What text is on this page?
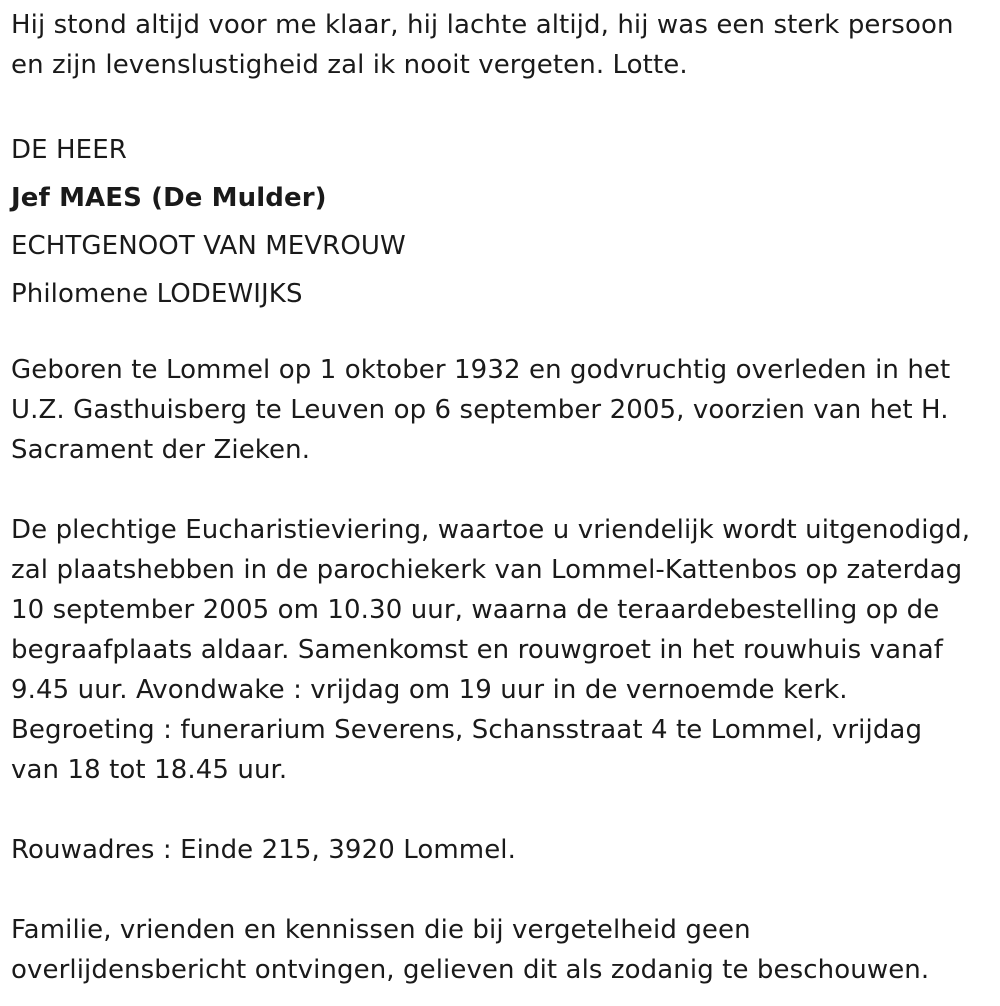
Hij stond altijd voor me klaar, hij lachte altijd, hij was een sterk persoon
en zijn levenslustigheid zal ik nooit vergeten. Lotte.
DE HEER
Jef MAES (De Mulder)
ECHTGENOOT VAN MEVROUW
Philomene LODEWIJKS
Geboren te Lommel op 1 oktober 1932 en godvruchtig overleden in het
U.Z. Gasthuisberg te Leuven op 6 september 2005, voorzien van het H.
Sacrament der Zieken.
De plechtige Eucharistieviering, waartoe u vriendelijk wordt uitgenodigd,
zal plaatshebben in de parochiekerk van Lommel-Kattenbos op zaterdag
10 september 2005 om 10.30 uur, waarna de teraardebestelling op de
begraafplaats aldaar. Samenkomst en rouwgroet in het rouwhuis vanaf
9.45 uur. Avondwake : vrijdag om 19 uur in de vernoemde kerk.
Begroeting : funerarium Severens, Schansstraat 4 te Lommel, vrijdag
van 18 tot 18.45 uur.
Rouwadres : Einde 215, 3920 Lommel.
Familie, vrienden en kennissen die bij vergetelheid geen
overlijdensbericht ontvingen, gelieven dit als zodanig te beschouwen.
